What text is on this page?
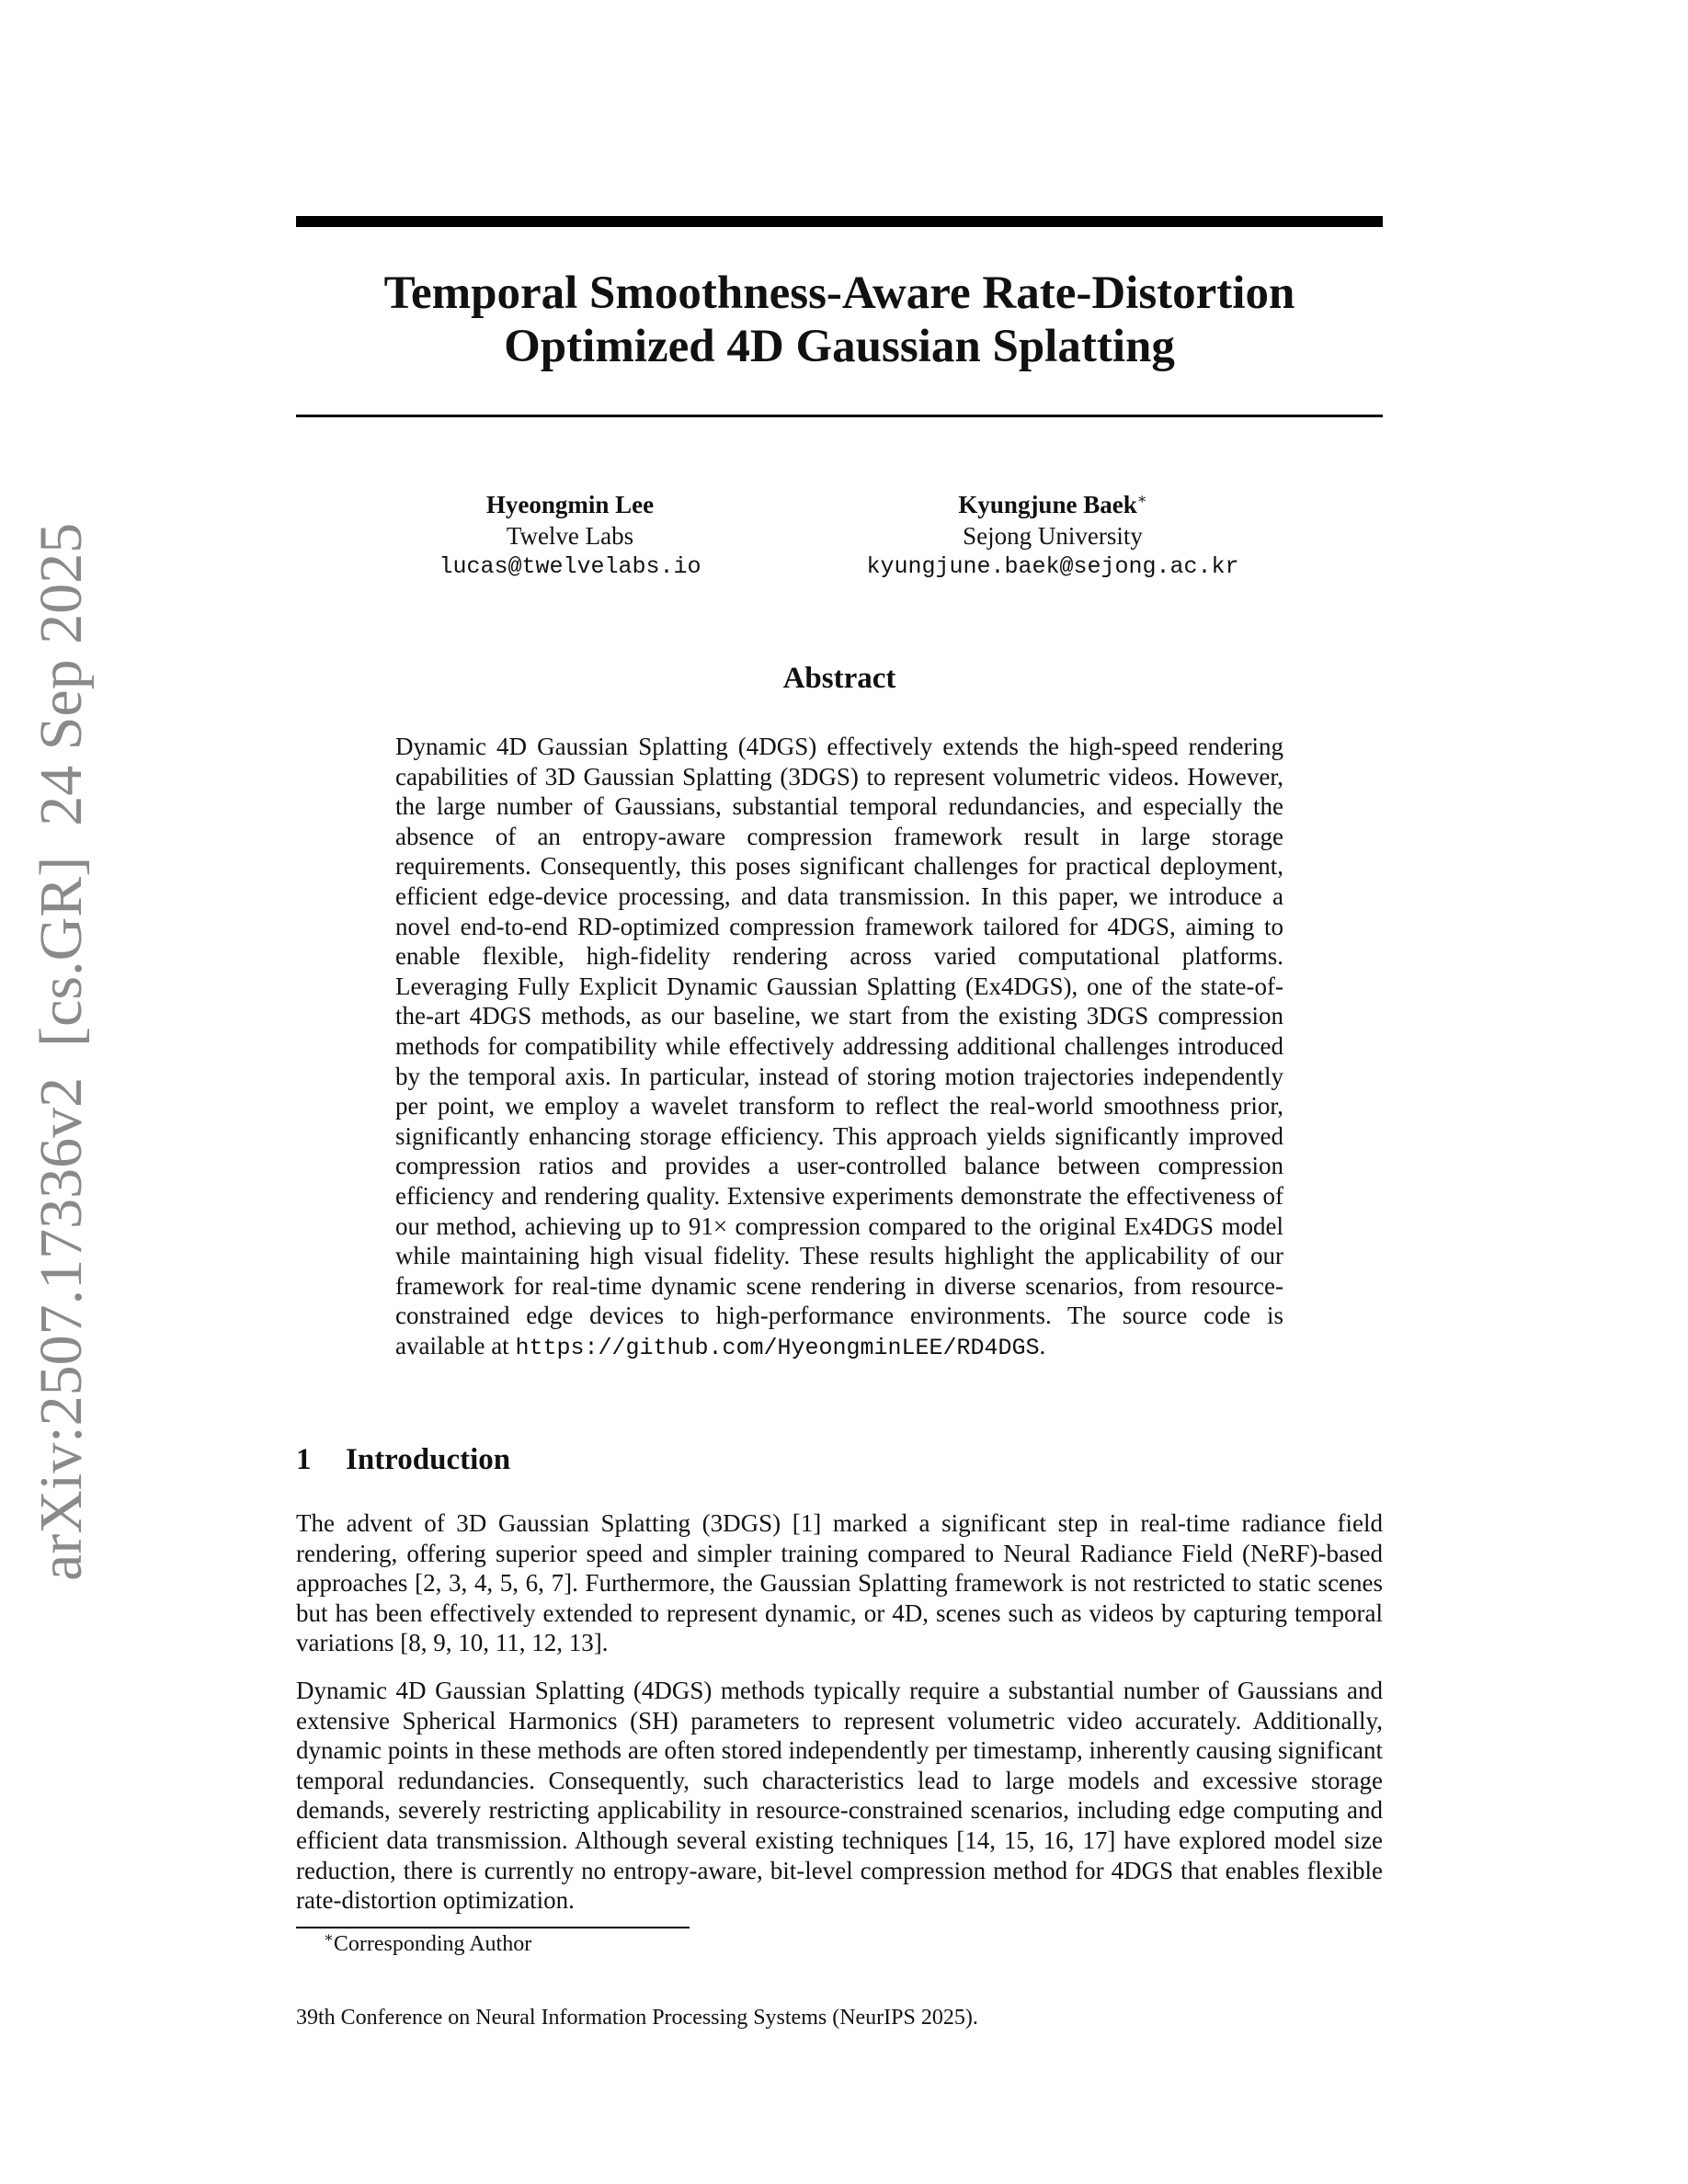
arXiv:2507.17336v2  [cs.GR]  24 Sep 2025
Temporal Smoothness-Aware Rate-Distortion
Optimized 4D Gaussian Splatting
Hyeongmin Lee
Twelve Labs
lucas@twelvelabs.io
Kyungjune Baek∗
Sejong University
kyungjune.baek@sejong.ac.kr
Abstract
Dynamic 4D Gaussian Splatting (4DGS) effectively extends the high-speed rendering capabilities of 3D Gaussian Splatting (3DGS) to represent volumetric videos. However, the large number of Gaussians, substantial temporal redundancies, and especially the absence of an entropy-aware compression framework result in large storage requirements. Consequently, this poses significant challenges for practical deployment, efficient edge-device processing, and data transmission. In this paper, we introduce a novel end-to-end RD-optimized compression framework tailored for 4DGS, aiming to enable flexible, high-fidelity rendering across varied computational platforms. Leveraging Fully Explicit Dynamic Gaussian Splatting (Ex4DGS), one of the state-of-the-art 4DGS methods, as our baseline, we start from the existing 3DGS compression methods for compatibility while effectively addressing additional challenges introduced by the temporal axis. In particular, instead of storing motion trajectories independently per point, we employ a wavelet transform to reflect the real-world smoothness prior, significantly enhancing storage efficiency. This approach yields significantly improved compression ratios and provides a user-controlled balance between compression efficiency and rendering quality. Extensive experiments demonstrate the effectiveness of our method, achieving up to 91× compression compared to the original Ex4DGS model while maintaining high visual fidelity. These results highlight the applicability of our framework for real-time dynamic scene rendering in diverse scenarios, from resource-constrained edge devices to high-performance environments. The source code is available at https://github.com/HyeongminLEE/RD4DGS.
1 Introduction
The advent of 3D Gaussian Splatting (3DGS) [1] marked a significant step in real-time radiance field rendering, offering superior speed and simpler training compared to Neural Radiance Field (NeRF)-based approaches [2, 3, 4, 5, 6, 7]. Furthermore, the Gaussian Splatting framework is not restricted to static scenes but has been effectively extended to represent dynamic, or 4D, scenes such as videos by capturing temporal variations [8, 9, 10, 11, 12, 13].
Dynamic 4D Gaussian Splatting (4DGS) methods typically require a substantial number of Gaussians and extensive Spherical Harmonics (SH) parameters to represent volumetric video accurately. Additionally, dynamic points in these methods are often stored independently per timestamp, inherently causing significant temporal redundancies. Consequently, such characteristics lead to large models and excessive storage demands, severely restricting applicability in resource-constrained scenarios, including edge computing and efficient data transmission. Although several existing techniques [14, 15, 16, 17] have explored model size reduction, there is currently no entropy-aware, bit-level compression method for 4DGS that enables flexible rate-distortion optimization.
∗Corresponding Author
39th Conference on Neural Information Processing Systems (NeurIPS 2025).
